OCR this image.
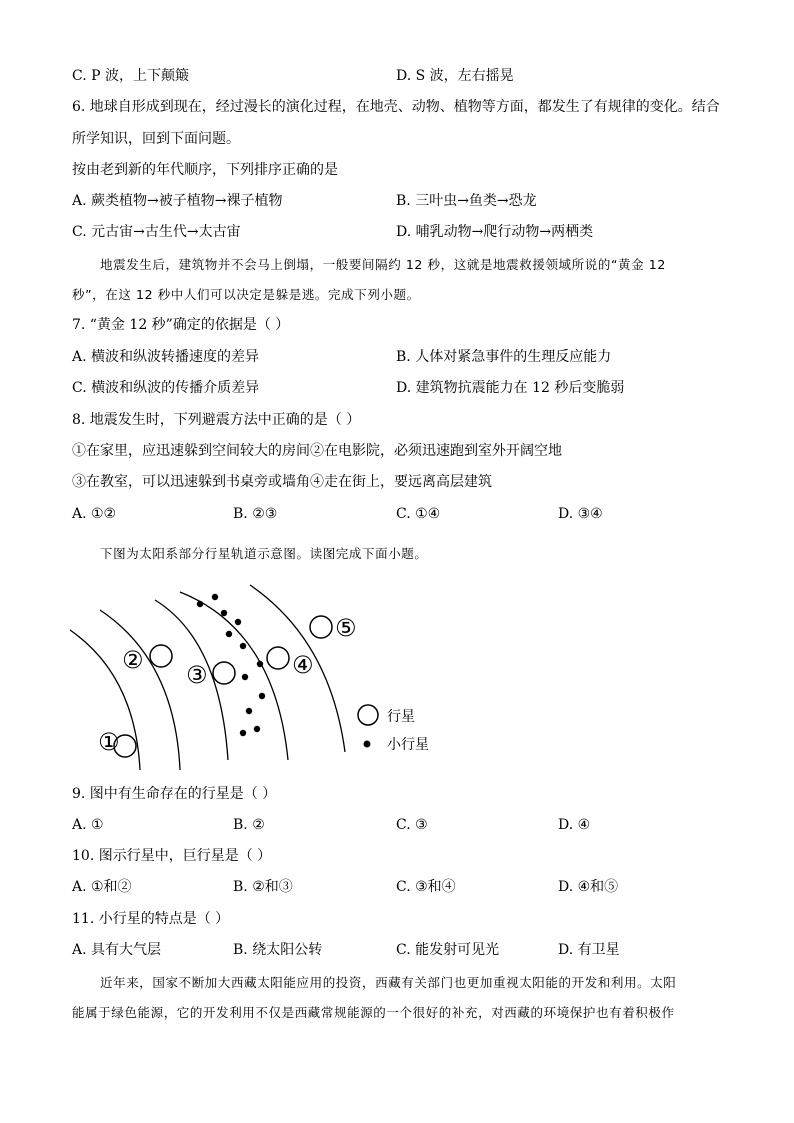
C. P 波，上下颠簸	D. S 波，左右摇晃
6. 地球自形成到现在，经过漫长的演化过程，在地壳、动物、植物等方面，都发生了有规律的变化。结合
所学知识，回到下面问题。
按由老到新的年代顺序，下列排序正确的是
A. 蕨类植物→被子植物→裸子植物	B. 三叶虫→鱼类→恐龙
C. 元古宙→古生代→太古宙	D. 哺乳动物→爬行动物→两栖类
地震发生后，建筑物并不会马上倒塌，一般要间隔约 12 秒，这就是地震救援领域所说的“黄金 12
秒”，在这 12 秒中人们可以决定是躲是逃。完成下列小题。
7. “黄金 12 秒”确定的依据是（ ）
A. 横波和纵波转播速度的差异	B. 人体对紧急事件的生理反应能力
C. 横波和纵波的传播介质差异	D. 建筑物抗震能力在 12 秒后变脆弱
8. 地震发生时，下列避震方法中正确的是（ ）
①在家里，应迅速躲到空间较大的房间②在电影院，必须迅速跑到室外开阔空地
③在教室，可以迅速躲到书桌旁或墙角④走在街上，要远离高层建筑
A. ①②	B. ②③	C. ①④	D. ③④
下图为太阳系部分行星轨道示意图。读图完成下面小题。
①
②
③	④
⑤
行星
小行星
9. 图中有生命存在的行星是（ ）
A. ①	B. ②	C. ③	D. ④
10. 图示行星中，巨行星是（ ）
A. ①和②	B. ②和③	C. ③和④	D. ④和⑤
11. 小行星的特点是（ ）
A. 具有大气层	B. 绕太阳公转	C. 能发射可见光	D. 有卫星
近年来，国家不断加大西藏太阳能应用的投资，西藏有关部门也更加重视太阳能的开发和利用。太阳
能属于绿色能源，它的开发利用不仅是西藏常规能源的一个很好的补充，对西藏的环境保护也有着积极作
